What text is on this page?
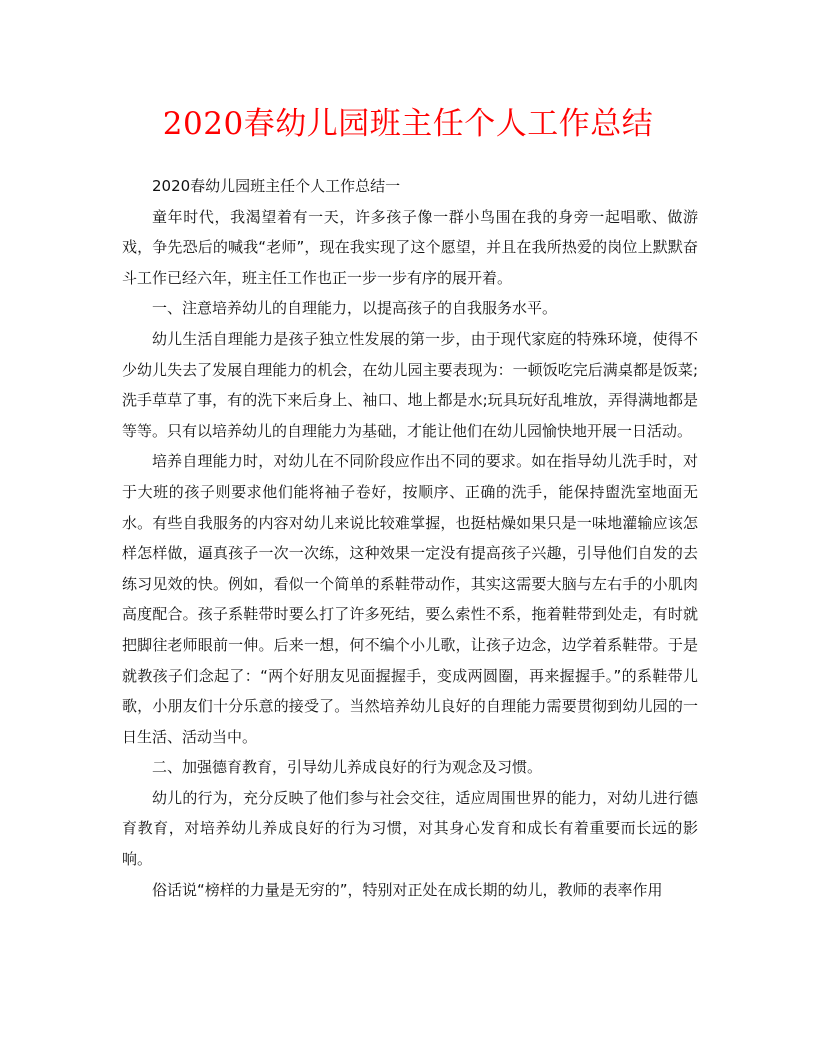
2020春幼儿园班主任个人工作总结

2020春幼儿园班主任个人工作总结一

童年时代，我渴望着有一天，许多孩子像一群小鸟围在我的身旁一起唱歌、做游戏，争先恐后的喊我“老师”，现在我实现了这个愿望，并且在我所热爱的岗位上默默奋斗工作已经六年，班主任工作也正一步一步有序的展开着。

一、注意培养幼儿的自理能力，以提高孩子的自我服务水平。

幼儿生活自理能力是孩子独立性发展的第一步，由于现代家庭的特殊环境，使得不少幼儿失去了发展自理能力的机会，在幼儿园主要表现为：一顿饭吃完后满桌都是饭菜;洗手草草了事，有的洗下来后身上、袖口、地上都是水;玩具玩好乱堆放，弄得满地都是等等。只有以培养幼儿的自理能力为基础，才能让他们在幼儿园愉快地开展一日活动。

培养自理能力时，对幼儿在不同阶段应作出不同的要求。如在指导幼儿洗手时，对于大班的孩子则要求他们能将袖子卷好，按顺序、正确的洗手，能保持盥洗室地面无水。有些自我服务的内容对幼儿来说比较难掌握，也挺枯燥如果只是一味地灌输应该怎样怎样做，逼真孩子一次一次练，这种效果一定没有提高孩子兴趣，引导他们自发的去练习见效的快。例如，看似一个简单的系鞋带动作，其实这需要大脑与左右手的小肌肉高度配合。孩子系鞋带时要么打了许多死结，要么索性不系，拖着鞋带到处走，有时就把脚往老师眼前一伸。后来一想，何不编个小儿歌，让孩子边念，边学着系鞋带。于是就教孩子们念起了：“两个好朋友见面握握手，变成两圆圈，再来握握手。”的系鞋带儿歌，小朋友们十分乐意的接受了。当然培养幼儿良好的自理能力需要贯彻到幼儿园的一日生活、活动当中。

二、加强德育教育，引导幼儿养成良好的行为观念及习惯。

幼儿的行为，充分反映了他们参与社会交往，适应周围世界的能力，对幼儿进行德育教育，对培养幼儿养成良好的行为习惯，对其身心发育和成长有着重要而长远的影响。

俗话说“榜样的力量是无穷的”，特别对正处在成长期的幼儿，教师的表率作用
